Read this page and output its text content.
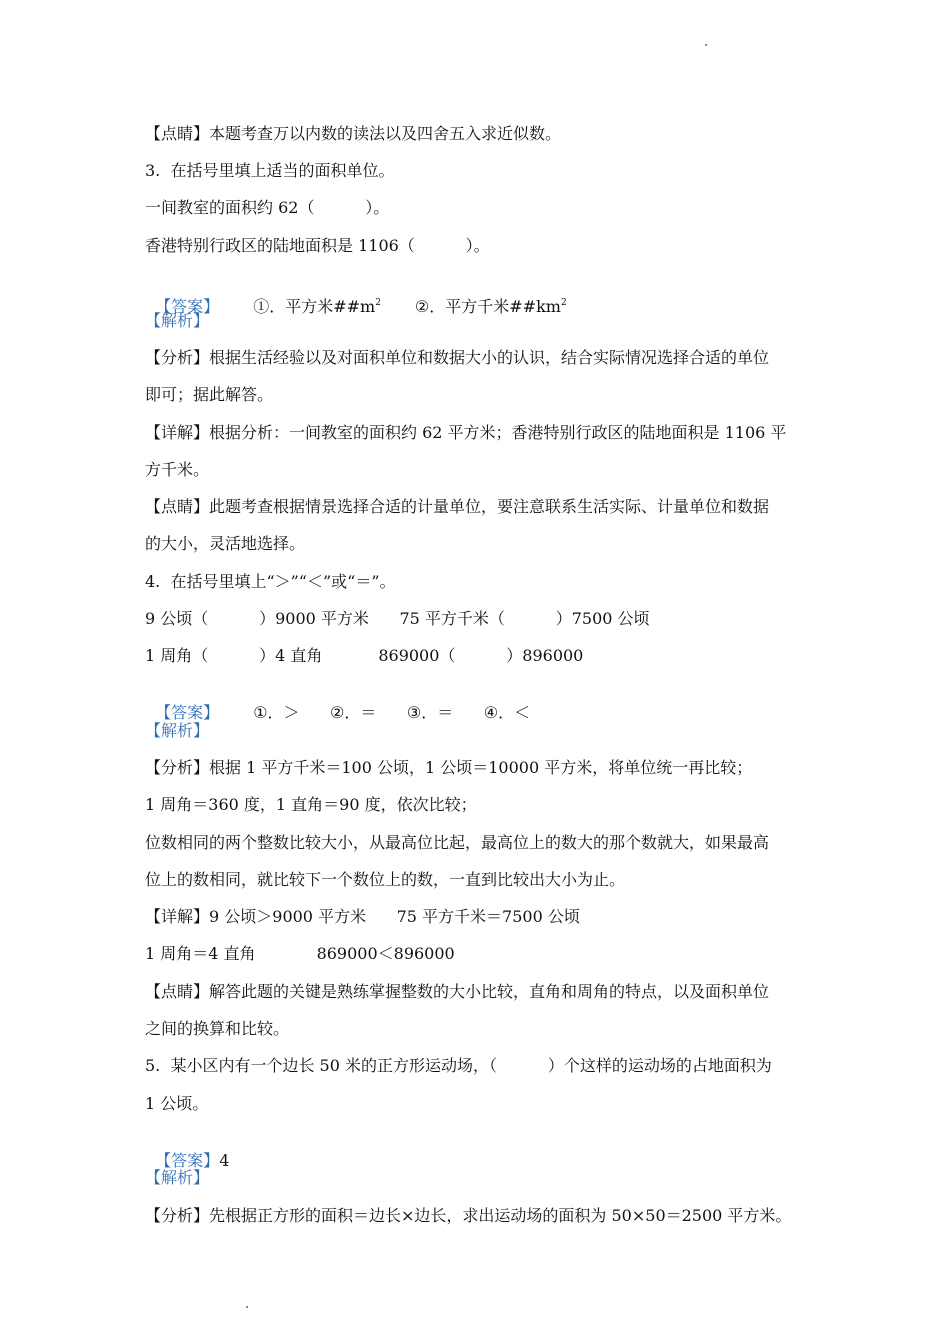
【点睛】本题考查万以内数的读法以及四舍五入求近似数。
3.  在括号里填上适当的面积单位。
一间教室的面积约 62（          ）。
香港特别行政区的陆地面积是 1106（          ）。

【答案】 ①．平方米$\#\#m^2$ ②．平方千米$\#\#km^2$

【解析】
【分析】根据生活经验以及对面积单位和数据大小的认识，结合实际情况选择合适的单位
即可；据此解答。
【详解】根据分析：一间教室的面积约 62 平方米；香港特别行政区的陆地面积是 1106 平
方千米。
【点睛】此题考查根据情景选择合适的计量单位，要注意联系生活实际、计量单位和数据
的大小，灵活地选择。
4.  在括号里填上“＞”“＜”或“＝”。
9 公顷（          ）9000 平方米      75 平方千米（          ）7500 公顷
1 周角（          ）4 直角           869000（          ）896000

【答案】 ①．＞      ②．＝      ③．＝      ④．＜

【解析】
【分析】根据 1 平方千米＝100 公顷，1 公顷＝10000 平方米，将单位统一再比较；
1 周角＝360 度，1 直角＝90 度，依次比较；
位数相同的两个整数比较大小，从最高位比起，最高位上的数大的那个数就大，如果最高
位上的数相同，就比较下一个数位上的数，一直到比较出大小为止。
【详解】9 公顷＞9000 平方米      75 平方千米＝7500 公顷
1 周角＝4 直角            869000＜896000
【点睛】解答此题的关键是熟练掌握整数的大小比较，直角和周角的特点，以及面积单位
之间的换算和比较。
5.  某小区内有一个边长 50 米的正方形运动场，（          ）个这样的运动场的占地面积为
1 公顷。

【答案】4

【解析】
【分析】先根据正方形的面积＝边长×边长，求出运动场的面积为 50×50＝2500 平方米。
